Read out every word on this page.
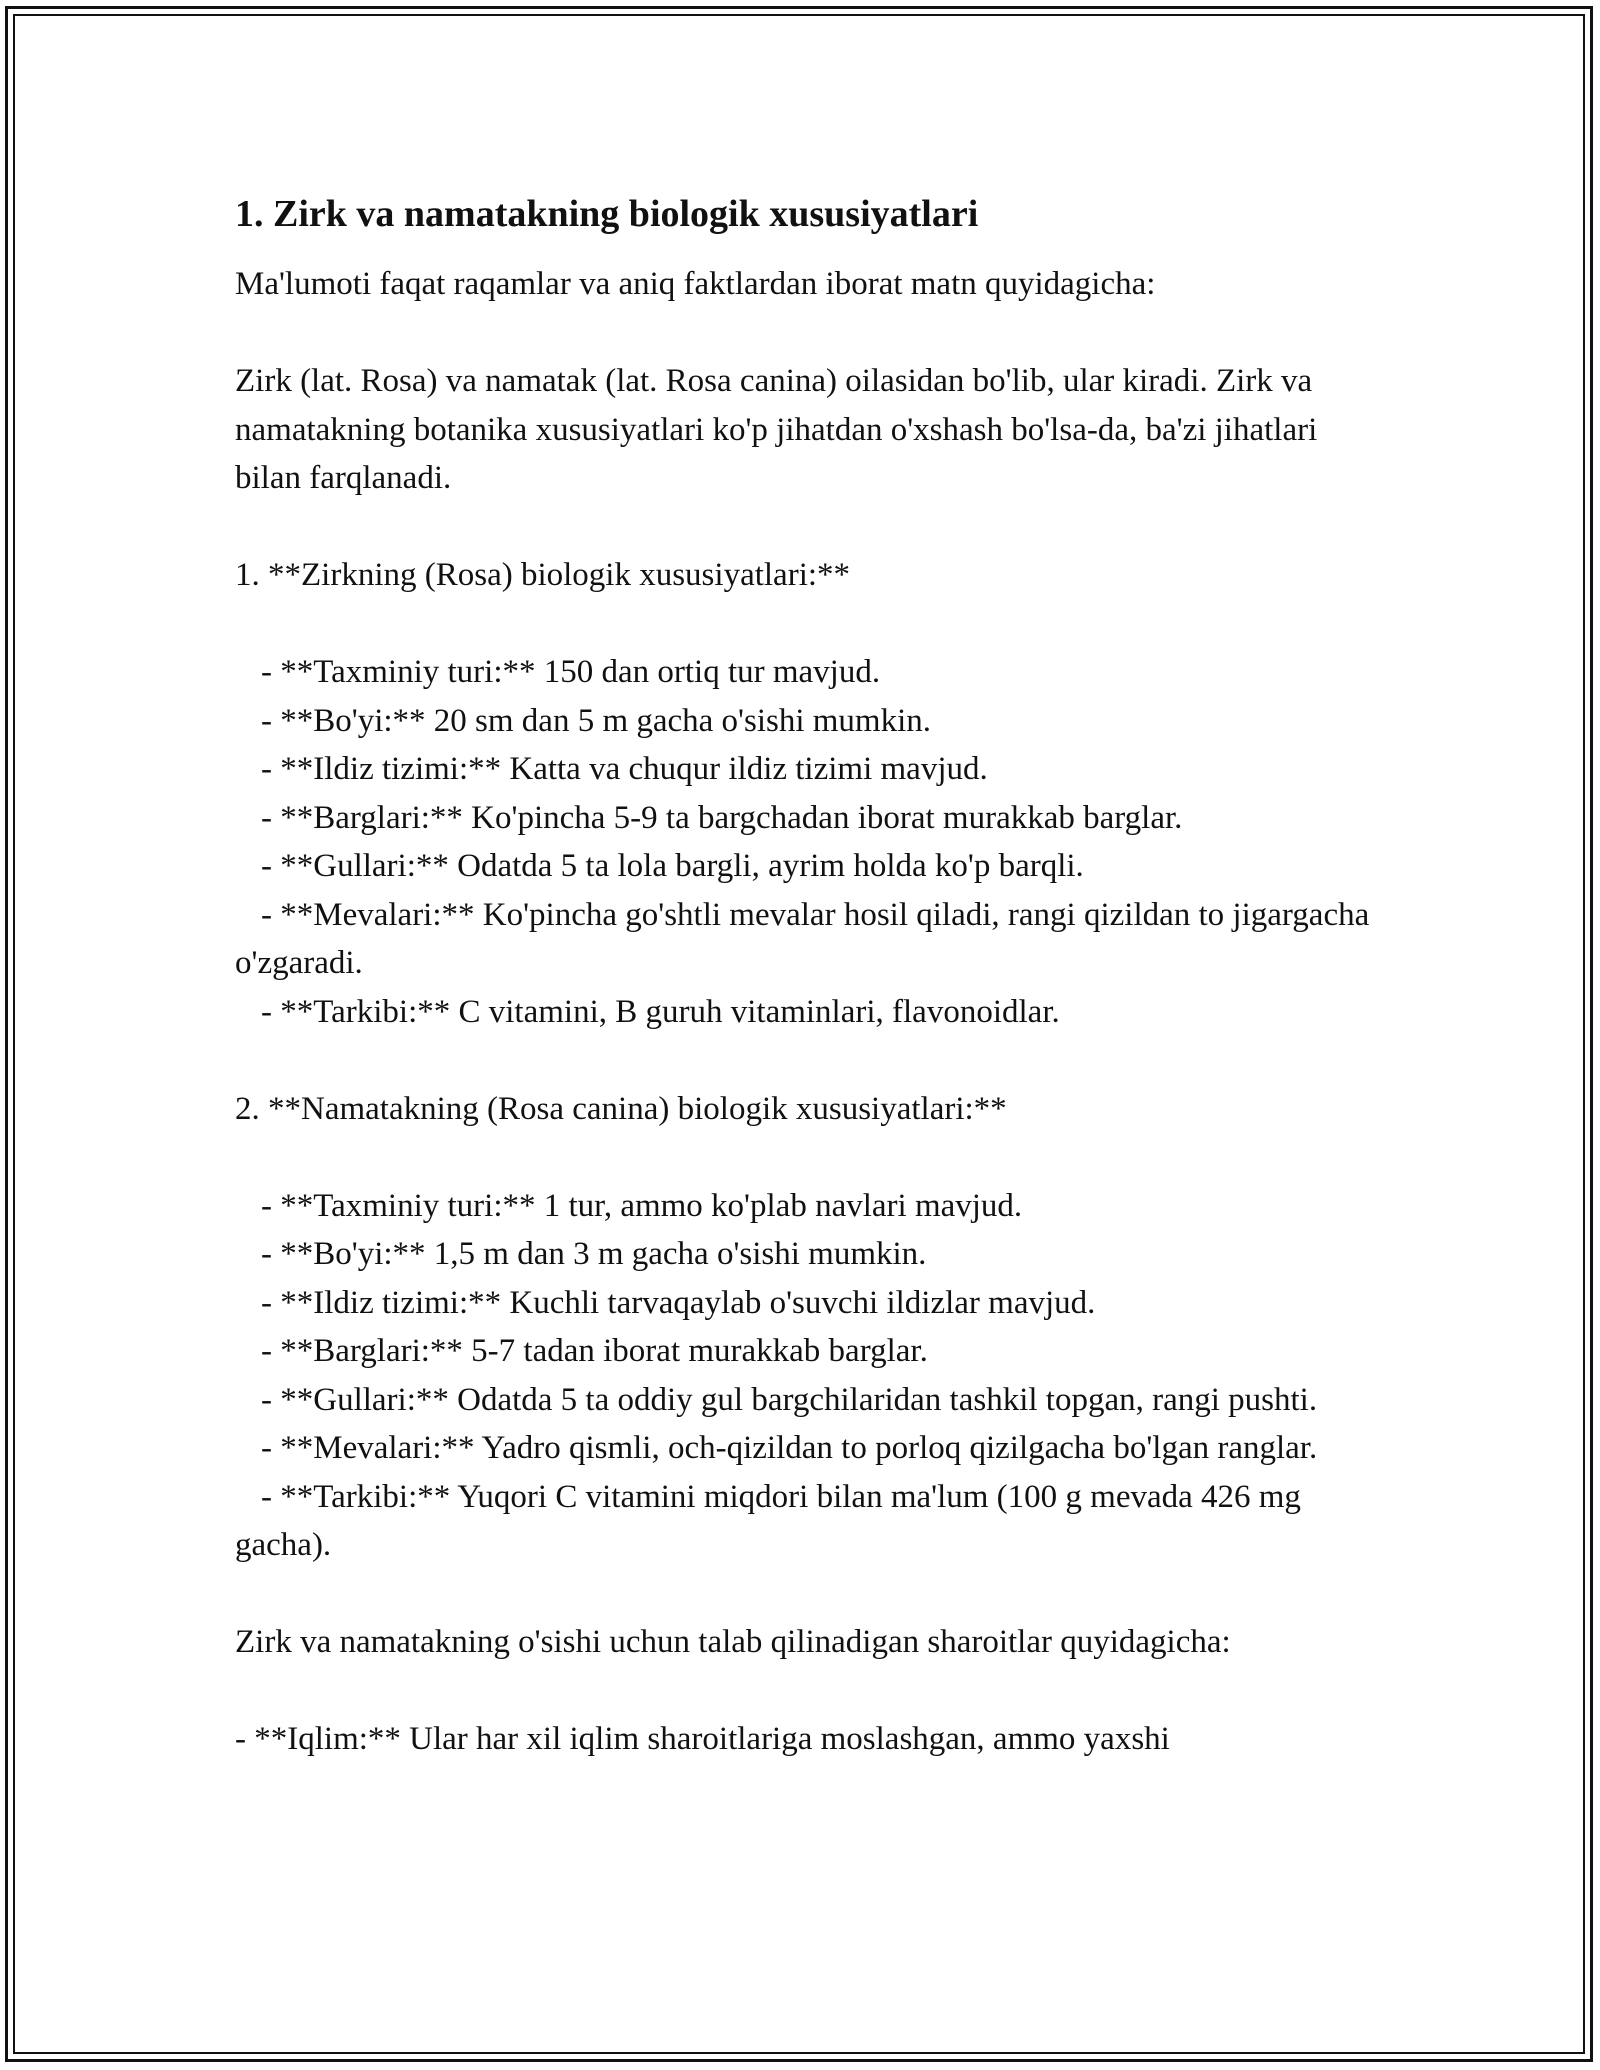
1. Zirk va namatakning biologik xususiyatlari

Ma'lumoti faqat raqamlar va aniq faktlardan iborat matn quyidagicha:

Zirk (lat. Rosa) va namatak (lat. Rosa canina) oilasidan bo'lib, ular kiradi. Zirk va namatakning botanika xususiyatlari ko'p jihatdan o'xshash bo'lsa-da, ba'zi jihatlari bilan farqlanadi.

1. **Zirkning (Rosa) biologik xususiyatlari:**

- **Taxminiy turi:** 150 dan ortiq tur mavjud.

- **Bo'yi:** 20 sm dan 5 m gacha o'sishi mumkin.

- **Ildiz tizimi:** Katta va chuqur ildiz tizimi mavjud.

- **Barglari:** Ko'pincha 5-9 ta bargchadan iborat murakkab barglar.

- **Gullari:** Odatda 5 ta lola bargli, ayrim holda ko'p barqli.

- **Mevalari:** Ko'pincha go'shtli mevalar hosil qiladi, rangi qizildan to jigargacha o'zgaradi.

- **Tarkibi:** C vitamini, B guruh vitaminlari, flavonoidlar.

2. **Namatakning (Rosa canina) biologik xususiyatlari:**

- **Taxminiy turi:** 1 tur, ammo ko'plab navlari mavjud.

- **Bo'yi:** 1,5 m dan 3 m gacha o'sishi mumkin.

- **Ildiz tizimi:** Kuchli tarvaqaylab o'suvchi ildizlar mavjud.

- **Barglari:** 5-7 tadan iborat murakkab barglar.

- **Gullari:** Odatda 5 ta oddiy gul bargchilaridan tashkil topgan, rangi pushti.

- **Mevalari:** Yadro qismli, och-qizildan to porloq qizilgacha bo'lgan ranglar.

- **Tarkibi:** Yuqori C vitamini miqdori bilan ma'lum (100 g mevada 426 mg gacha).

Zirk va namatakning o'sishi uchun talab qilinadigan sharoitlar quyidagicha:

- **Iqlim:** Ular har xil iqlim sharoitlariga moslashgan, ammo yaxshi
